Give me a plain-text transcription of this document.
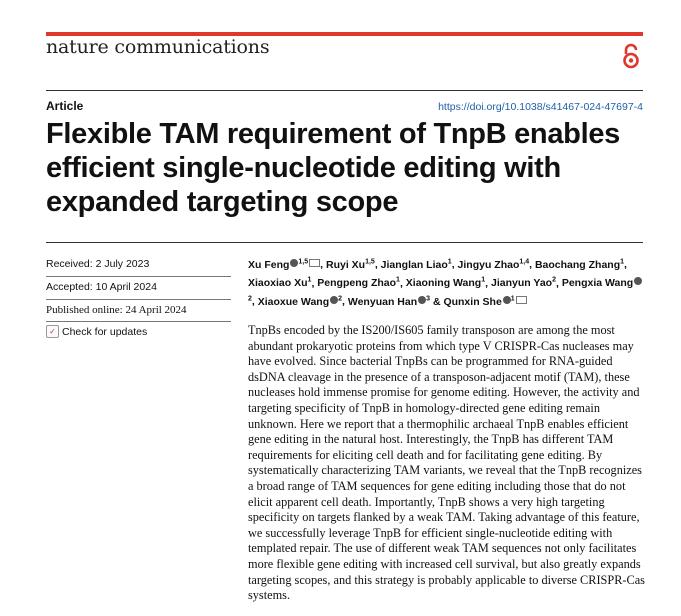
nature communications
Article	https://doi.org/10.1038/s41467-024-47697-4
Flexible TAM requirement of TnpB enables efficient single-nucleotide editing with expanded targeting scope
Received: 2 July 2023
Accepted: 10 April 2024
Published online: 24 April 2024
✓ Check for updates
Xu Feng $^{1,5}$ , Ruyi Xu$^{1,5}$, Jianglan Liao$^1$, Jingyu Zhao$^{1,4}$, Baochang Zhang$^1$, Xiaoxiao Xu$^1$, Pengpeng Zhao$^1$, Xiaoning Wang$^1$, Jianyun Yao$^2$, Pengxia Wang$^2$, Xiaoxue Wang $^2$, Wenyuan Han $^3$ & Qunxin She $^1$

TnpBs encoded by the IS200/IS605 family transposon are among the most abundant prokaryotic proteins from which type V CRISPR-Cas nucleases may have evolved. Since bacterial TnpBs can be programmed for RNA-guided dsDNA cleavage in the presence of a transposon-adjacent motif (TAM), these nucleases hold immense promise for genome editing. However, the activity and targeting specificity of TnpB in homology-directed gene editing remain unknown. Here we report that a thermophilic archaeal TnpB enables efficient gene editing in the natural host. Interestingly, the TnpB has different TAM requirements for eliciting cell death and for facilitating gene editing. By systematically characterizing TAM variants, we reveal that the TnpB recognizes a broad range of TAM sequences for gene editing including those that do not elicit apparent cell death. Importantly, TnpB shows a very high targeting specificity on targets flanked by a weak TAM. Taking advantage of this feature, we successfully leverage TnpB for efficient single-nucleotide editing with templated repair. The use of different weak TAM sequences not only facilitates more flexible gene editing with increased cell survival, but also greatly expands targeting scopes, and this strategy is probably applicable to diverse CRISPR-Cas systems.
